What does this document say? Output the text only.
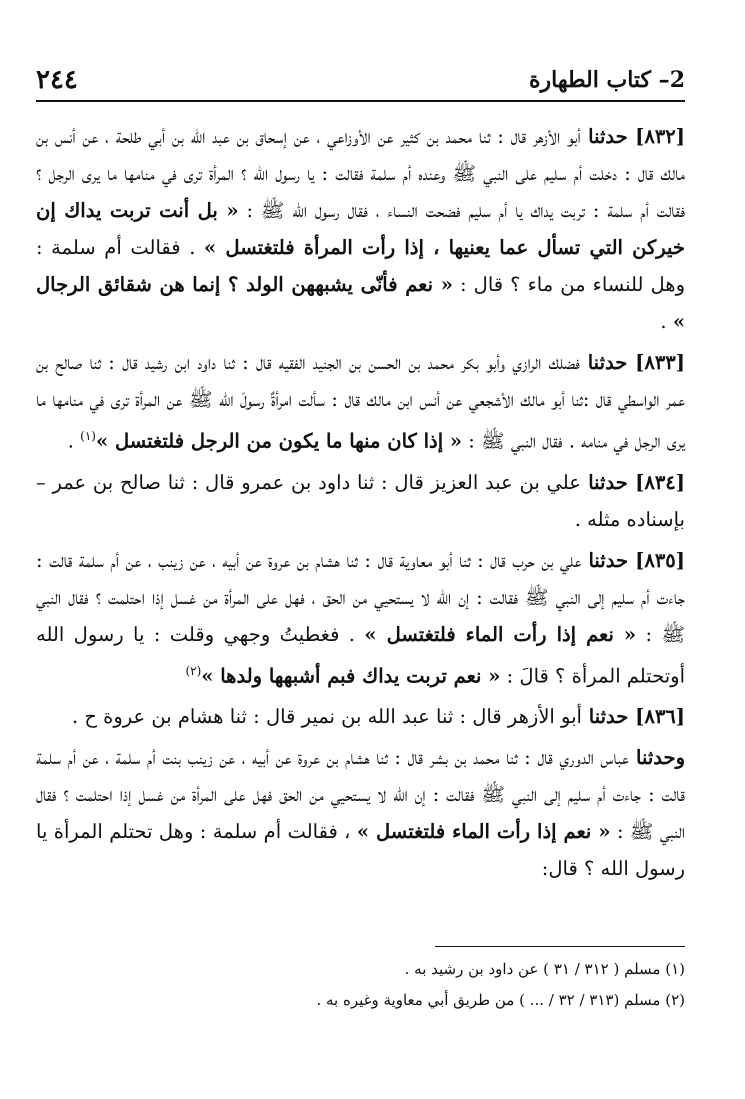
2– كتاب الطهارة
٢٤٤

[٨٣٢] حدثنا أبو الأزهر قال : ثنا محمد بن كثير عن الأوزاعي ، عن إسحاق بن عبد الله بن أبي طلحة ، عن أنس بن مالك قال : دخلت أم سليم على النبي ﷺ وعنده أم سلمة فقالت : يا رسول الله ؟ المرأة ترى في منامها ما يرى الرجل ؟ فقالت أم سلمة : تربت يداك يا أم سليم فضحت النساء ، فقال رسول الله ﷺ : « بل أنت تربت يداك إن خيركن التي تسأل عما يعنيها ، إذا رأت المرأة فلتغتسل » . فقالت أم سلمة : وهل للنساء من ماء ؟ قال : « نعم فأنّى يشبههن الولد ؟ إنما هن شقائق الرجال » .

[٨٣٣] حدثنا فضلك الرازي وأبو بكر محمد بن الحسن بن الجنيد الفقيه قال : ثنا داود ابن رشيد قال : ثنا صالح بن عمر الواسطي قال :ثنا أبو مالك الأشجعي عن أنس ابن مالك قال : سألت امرأةٌ رسولَ الله ﷺ عن المرأة ترى في منامها ما يرى الرجل في منامه . فقال النبي ﷺ : « إذا كان منها ما يكون من الرجل فلتغتسل »$^{(١)}$ .

[٨٣٤] حدثنا علي بن عبد العزيز قال : ثنا داود بن عمرو قال : ثنا صالح بن عمر – بإسناده مثله .

[٨٣٥] حدثنا علي بن حرب قال : ثنا أبو معاوية قال : ثنا هشام بن عروة عن أبيه ، عن زينب ، عن أم سلمة قالت : جاءت أم سليم إلى النبي ﷺ فقالت : إن الله لا يستحيي من الحق ، فهل على المرأة من غسل إذا احتلمت ؟ فقال النبي ﷺ : « نعم إذا رأت الماء فلتغتسل » . فغطيتُ وجهي وقلت : يا رسول الله أوتحتلم المرأة ؟ قالَ : « نعم تربت يداك فبم أشبهها ولدها »$^{(٢)}$

[٨٣٦] حدثنا أبو الأزهر قال : ثنا عبد الله بن نمير قال : ثنا هشام بن عروة ح .

وحدثنا عباس الدوري قال : ثنا محمد بن بشر قال : ثنا هشام بن عروة عن أبيه ، عن زينب بنت أم سلمة ، عن أم سلمة قالت : جاءت أم سليم إلى النبي ﷺ فقالت : إن الله لا يستحيي من الحق فهل على المرأة من غسل إذا احتلمت ؟ فقال النبي ﷺ : « نعم إذا رأت الماء فلتغتسل » ، فقالت أم سلمة : وهل تحتلم المرأة يا رسول الله ؟ قال:

(١) مسلم ( ٣١٢ / ٣١ ) عن داود بن رشيد به .
(٢) مسلم (٣١٣ / ٣٢ / ... ) من طريق أبي معاوية وغيره به .
